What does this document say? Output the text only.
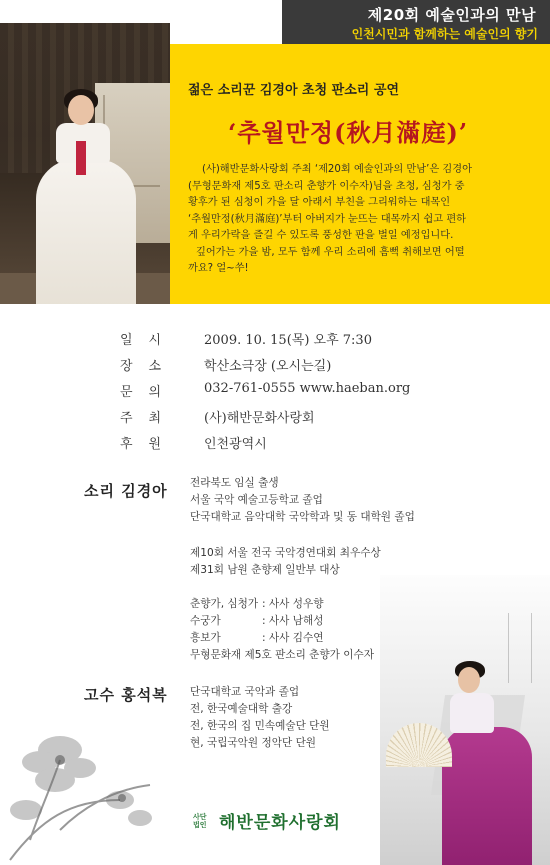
제20회 예술인과의 만남
인천시민과 함께하는 예술인의 향기
젊은 소리꾼 김경아 초청 판소리 공연
‘추월만정(秋月滿庭)’

(사)해반문화사랑회 주최 ‘제20회 예술인과의 만남’은 김경아

(무형문화재 제5호 판소리 춘향가 이수자)님을 초청, 심청가 중

황후가 된 심청이 가을 달 아래서 부친을 그리워하는 대목인

‘추월만정(秋月滿庭)’부터 아버지가 눈뜨는 대목까지 쉽고 편하

게 우리가락을 즐길 수 있도록 풍성한 판을 벌일 예정입니다.

깊어가는 가을 밤, 모두 함께 우리 소리에 흠뻑 취해보면 어떨

까요? 얼~쑤!

일시	2009. 10. 15(목) 오후 7:30
장소	학산소극장 (오시는길)
문의	032-761-0555 www.haeban.org
주최	(사)해반문화사랑회
후원	인천광역시
소리 김경아 전라북도 임실 출생

서울 국악 예술고등학교 졸업

단국대학교 음악대학 국악학과 및 동 대학원 졸업

제10회 서울 전국 국악경연대회 최우수상

제31회 남원 춘향제 일반부 대상

춘향가, 심청가 : 사사 성우향

수궁가	: 사사 남해성

흥보가	: 사사 김수연

무형문화재 제5호 판소리 춘향가 이수자

고수 홍석복 단국대학교 국악과 졸업

전, 한국예술대학 출강

전, 한국의 집 민속예술단 단원

현, 국립국악원 정악단 단원

사단
법인 해반문화사랑회
